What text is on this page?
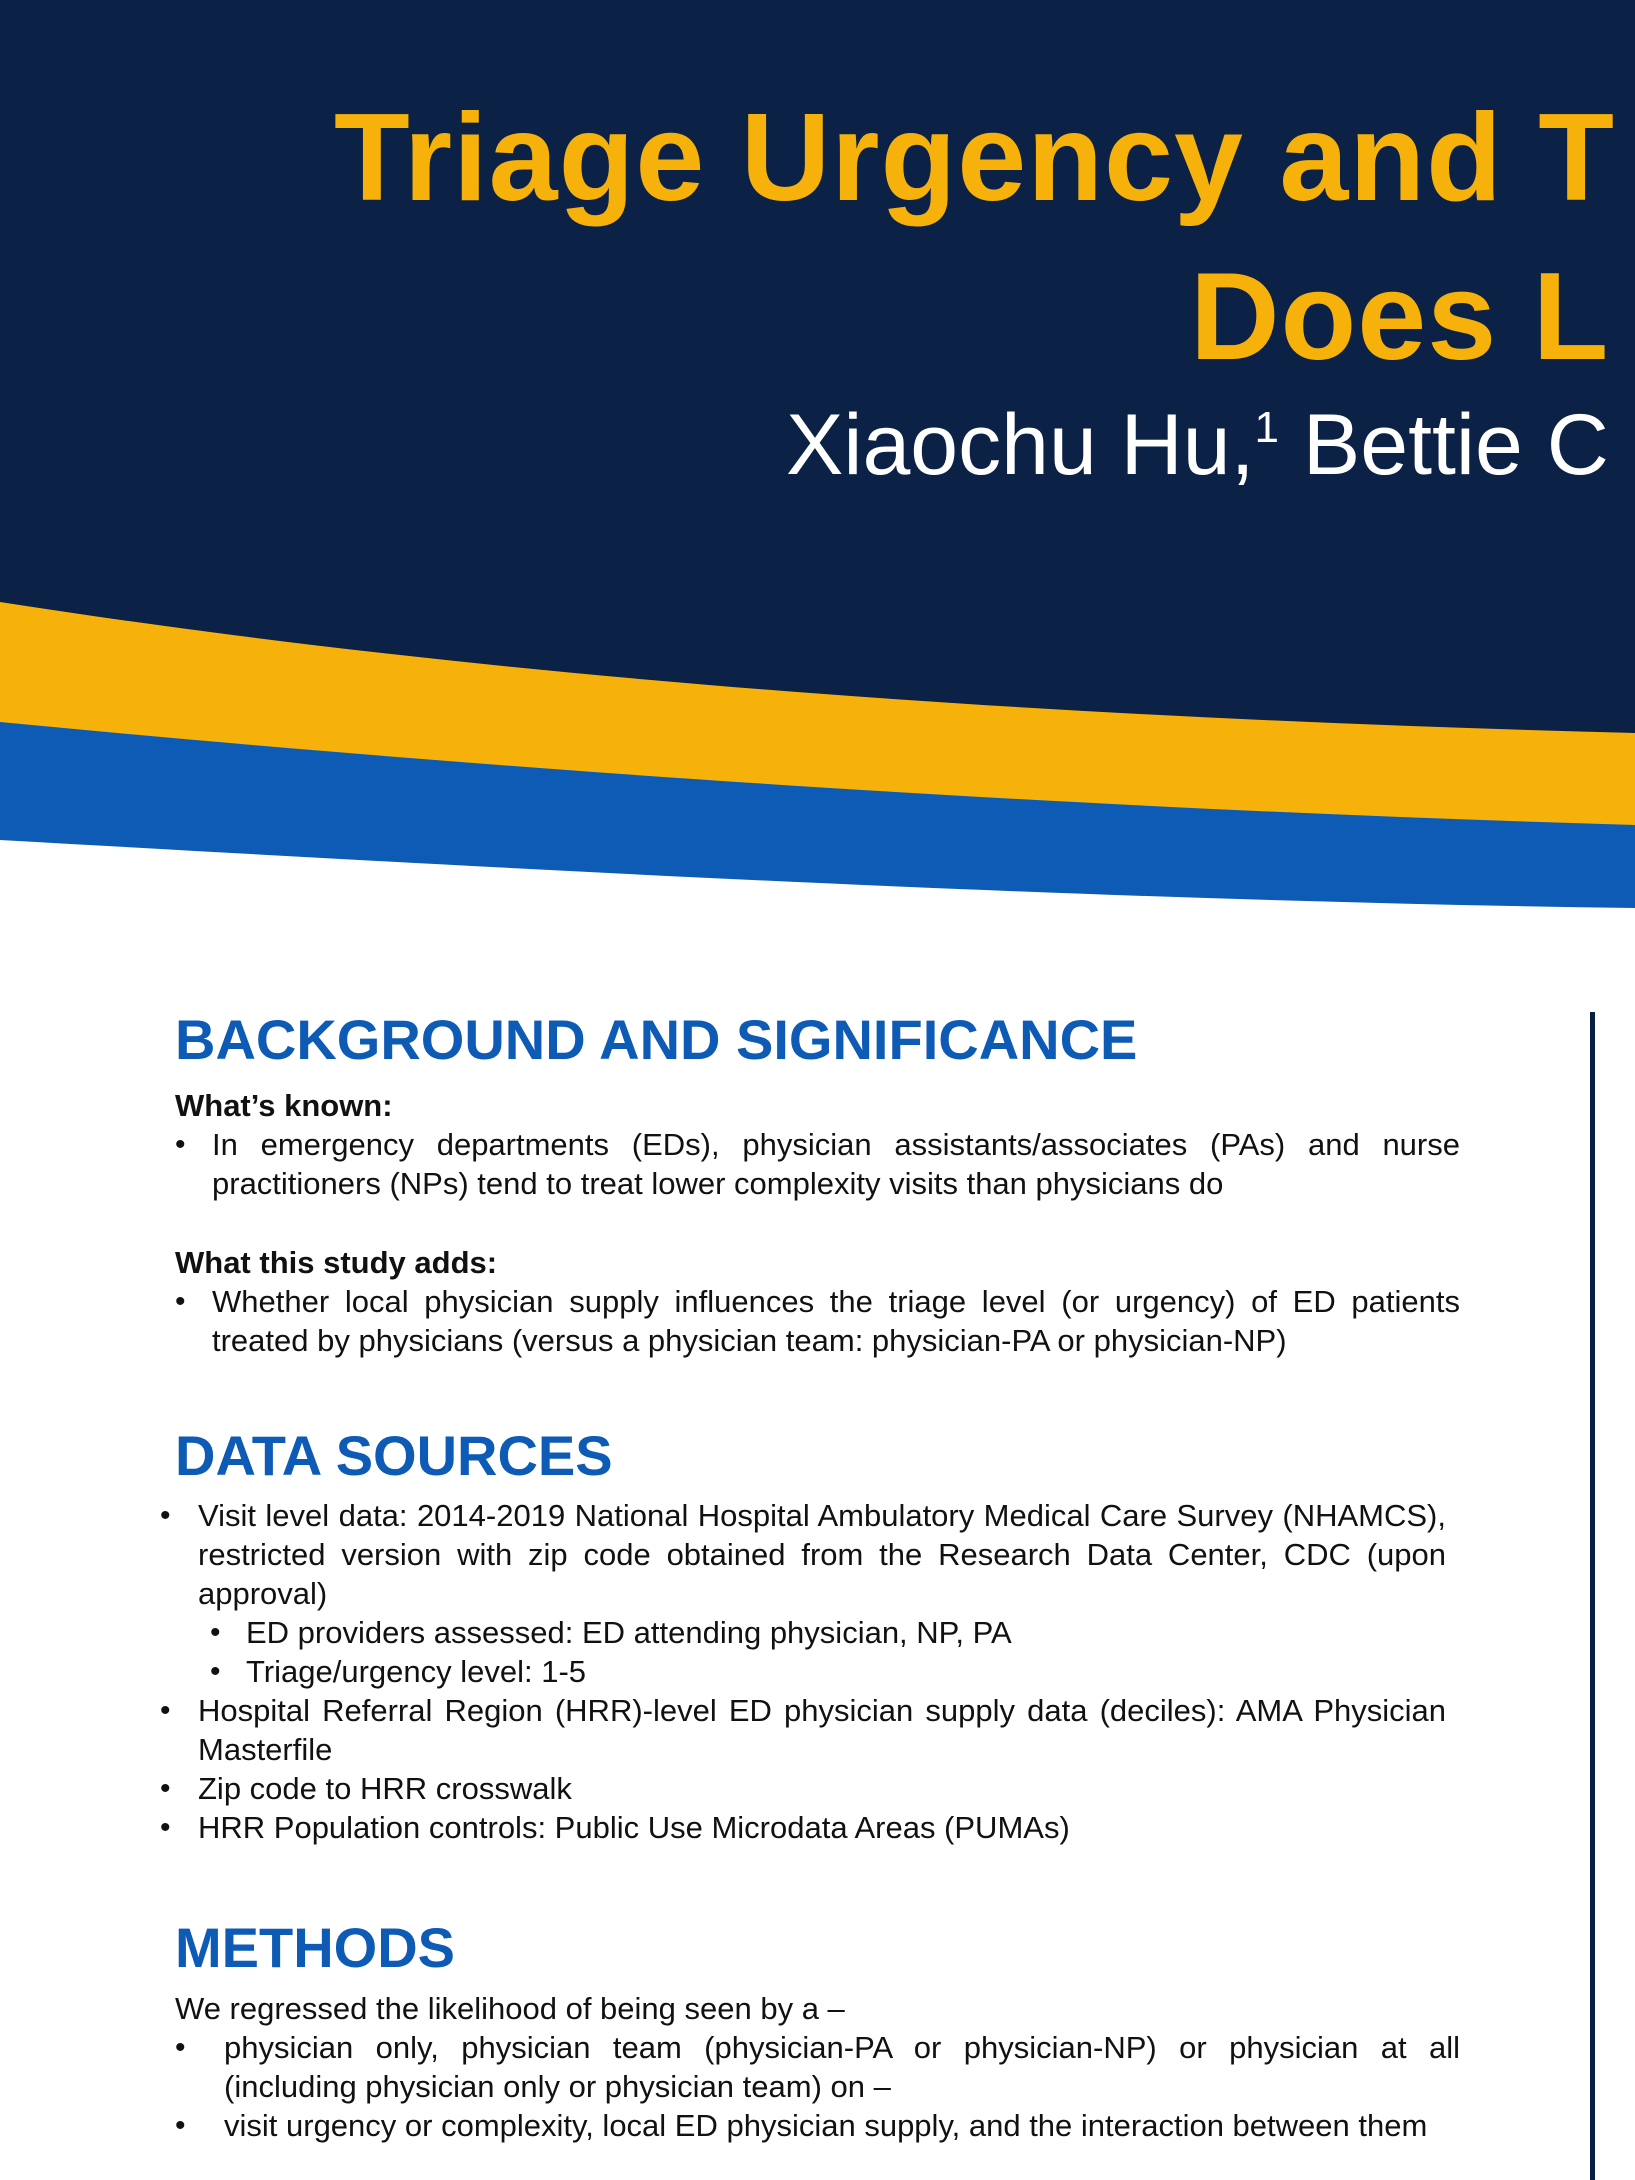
Triage Urgency and T
Does L
Xiaochu Hu,$^1$ Bettie C
BACKGROUND AND SIGNIFICANCE
What’s known:
• In emergency departments (EDs), physician assistants/associates (PAs) and nurse practitioners (NPs) tend to treat lower complexity visits than physicians do

What this study adds:
• Whether local physician supply influences the triage level (or urgency) of ED patients treated by physicians (versus a physician team: physician-PA or physician-NP)

DATA SOURCES
• Visit level data: 2014-2019 National Hospital Ambulatory Medical Care Survey (NHAMCS), restricted version with zip code obtained from the Research Data Center, CDC (upon approval)

• ED providers assessed: ED attending physician, NP, PA
• Triage/urgency level: 1-5
• Hospital Referral Region (HRR)-level ED physician supply data (deciles): AMA Physician Masterfile

• Zip code to HRR crosswalk
• HRR Population controls: Public Use Microdata Areas (PUMAs)
METHODS
We regressed the likelihood of being seen by a –
• physician only, physician team (physician-PA or physician-NP) or physician at all (including physician only or physician team) on –

• visit urgency or complexity, local ED physician supply, and the interaction between them
